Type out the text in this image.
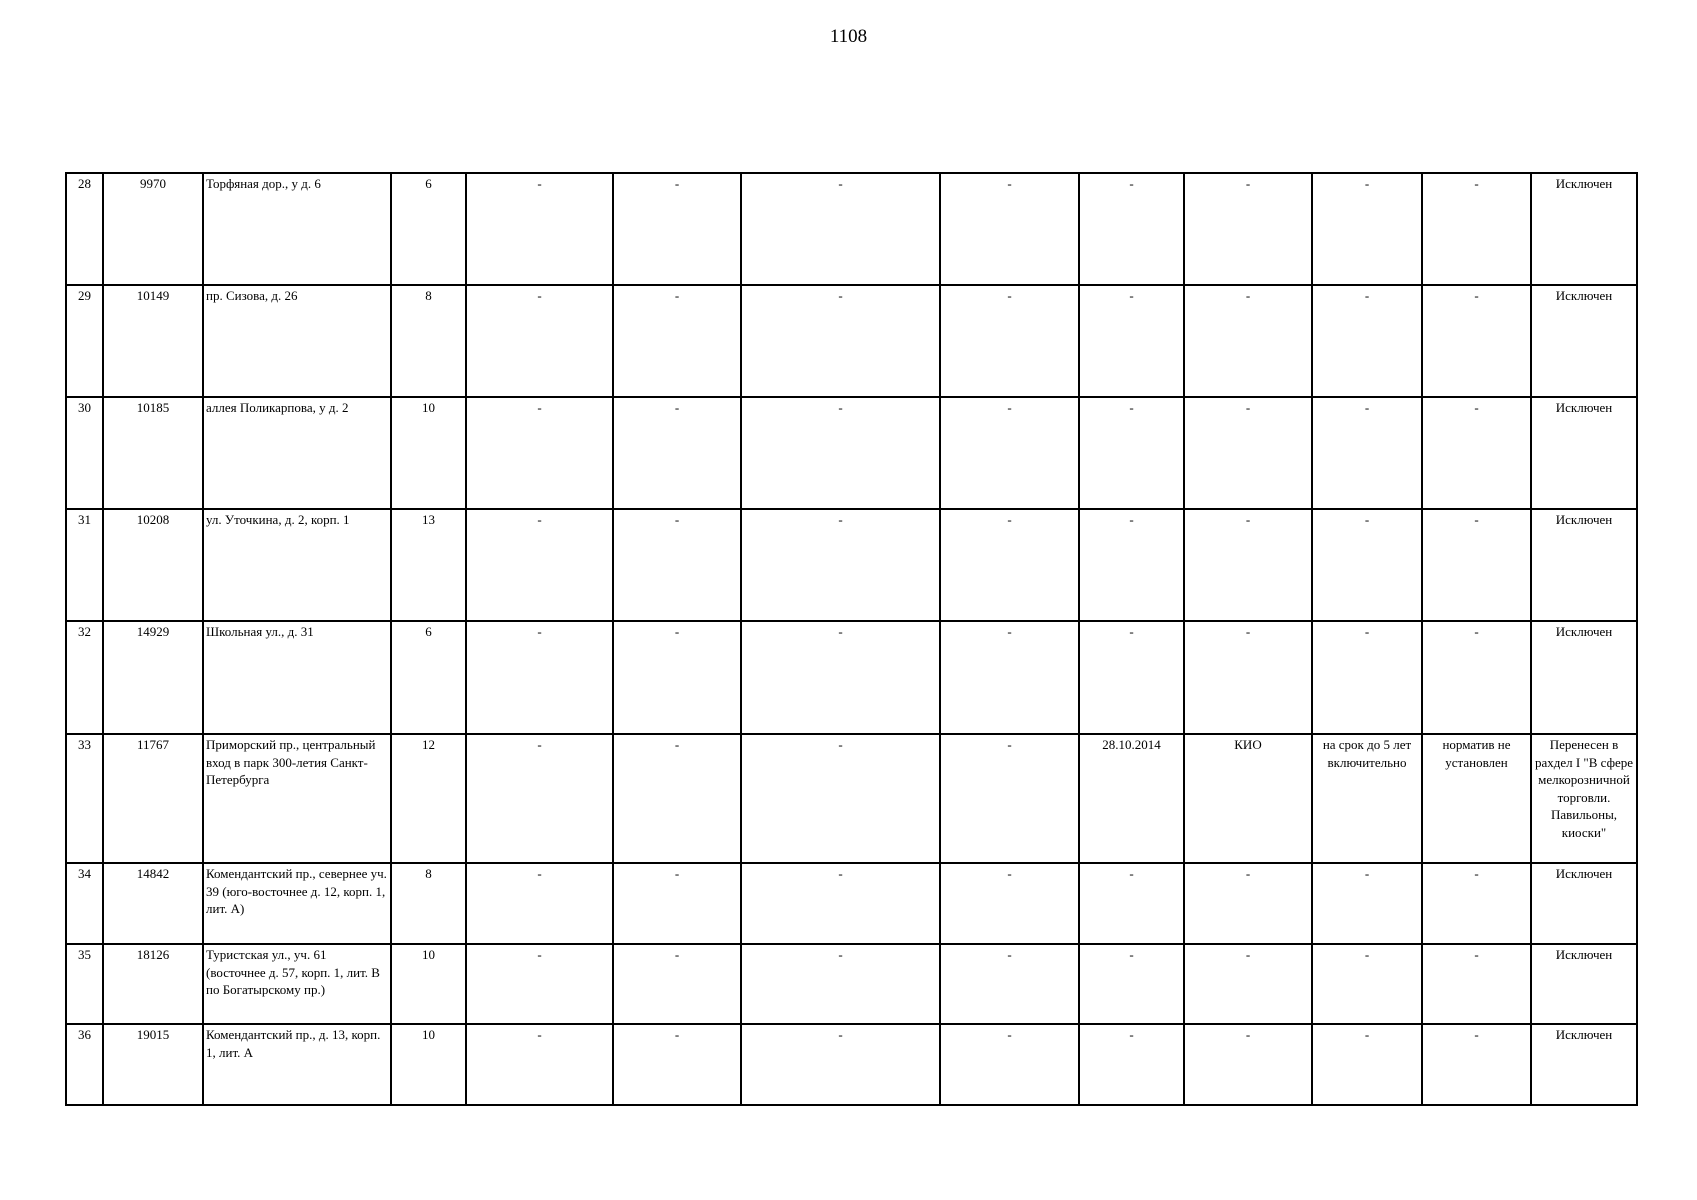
1108
28	9970	Торфяная дор., у д. 6	6	-	-	-	-	-	-	-	-	Исключен
29	10149	пр. Сизова, д. 26	8	-	-	-	-	-	-	-	-	Исключен
30	10185	аллея Поликарпова, у д. 2	10	-	-	-	-	-	-	-	-	Исключен
31	10208	ул. Уточкина, д. 2, корп. 1	13	-	-	-	-	-	-	-	-	Исключен
32	14929	Школьная ул., д. 31	6	-	-	-	-	-	-	-	-	Исключен
33	11767	Приморский пр., центральный вход в парк 300-летия Санкт-Петербурга	12	-	-	-	-	28.10.2014	КИО	на срок до 5 лет включительно	норматив не установлен	Перенесен в рахдел I "В сфере мелкорозничной торговли. Павильоны, киоски"
34	14842	Комендантский пр., севернее уч. 39 (юго-восточнее д. 12, корп. 1, лит. А)	8	-	-	-	-	-	-	-	-	Исключен
35	18126	Туристская ул., уч. 61 (восточнее д. 57, корп. 1, лит. В по Богатырскому пр.)	10	-	-	-	-	-	-	-	-	Исключен
36	19015	Комендантский пр., д. 13, корп. 1, лит. А	10	-	-	-	-	-	-	-	-	Исключен
